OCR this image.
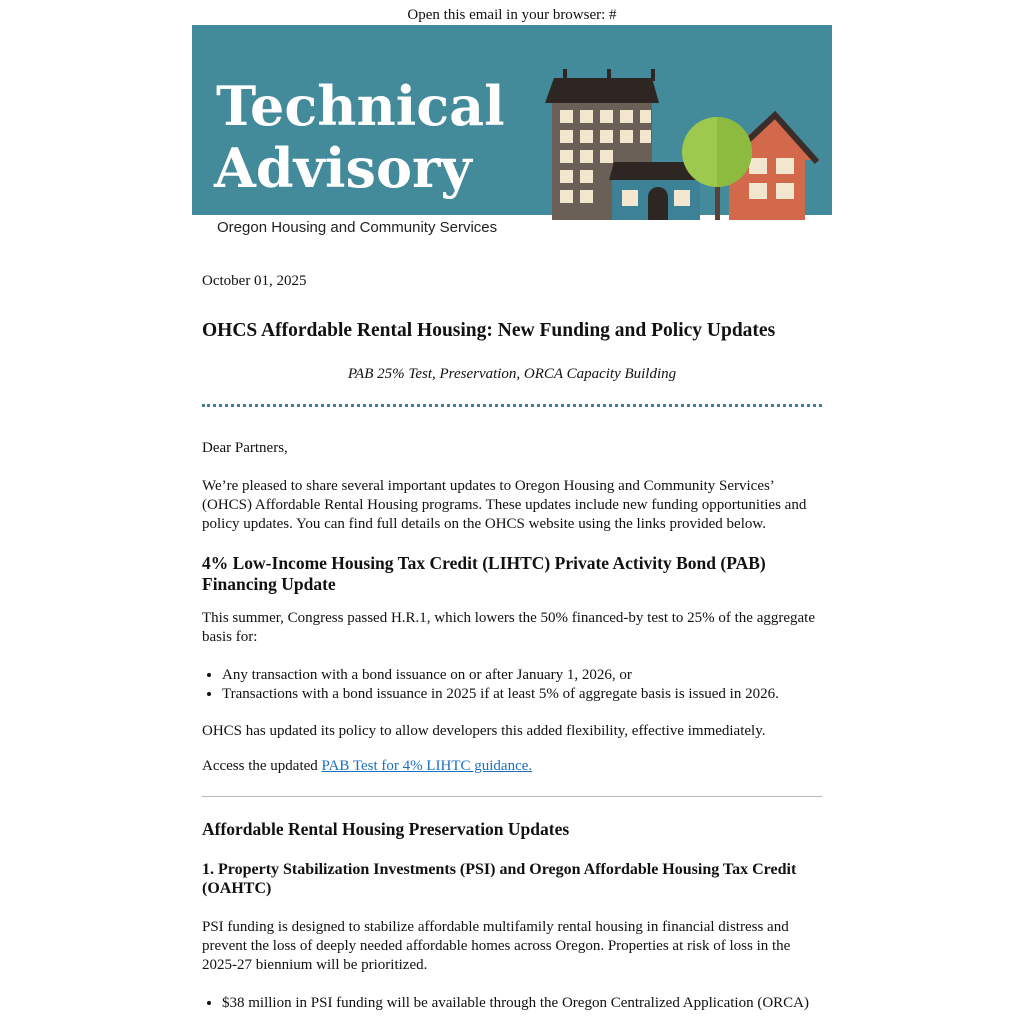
Open this email in your browser: #
Technical
Advisory
Oregon Housing and Community Services

October 01, 2025

OHCS Affordable Rental Housing: New Funding and Policy Updates

PAB 25% Test, Preservation, ORCA Capacity Building

Dear Partners,

We’re pleased to share several important updates to Oregon Housing and Community Services’ (OHCS) Affordable Rental Housing programs. These updates include new funding opportunities and policy updates. You can find full details on the OHCS website using the links provided below.

4% Low-Income Housing Tax Credit (LIHTC) Private Activity Bond (PAB) Financing Update

This summer, Congress passed H.R.1, which lowers the 50% financed-by test to 25% of the aggregate basis for:

• Any transaction with a bond issuance on or after January 1, 2026, or
• Transactions with a bond issuance in 2025 if at least 5% of aggregate basis is issued in 2026.

OHCS has updated its policy to allow developers this added flexibility, effective immediately.

Access the updated PAB Test for 4% LIHTC guidance.

Affordable Rental Housing Preservation Updates
1. Property Stabilization Investments (PSI) and Oregon Affordable Housing Tax Credit (OAHTC)

PSI funding is designed to stabilize affordable multifamily rental housing in financial distress and prevent the loss of deeply needed affordable homes across Oregon. Properties at risk of loss in the 2025-27 biennium will be prioritized.

• $38 million in PSI funding will be available through the Oregon Centralized Application (ORCA)
